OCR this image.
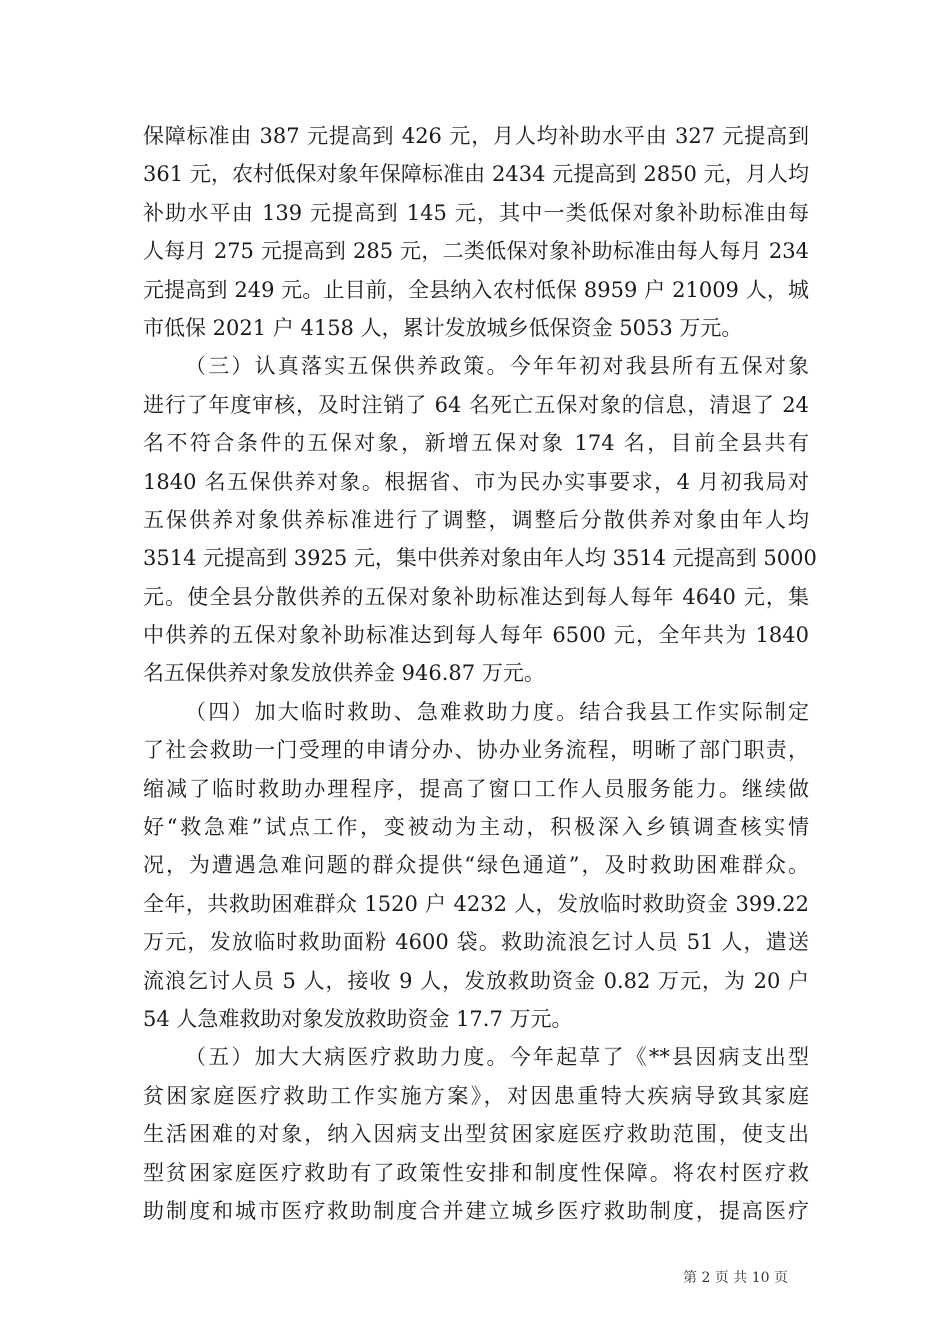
保障标准由 387 元提高到 426 元，月人均补助水平由 327 元提高到
361 元，农村低保对象年保障标准由 2434 元提高到 2850 元，月人均
补助水平由 139 元提高到 145 元，其中一类低保对象补助标准由每
人每月 275 元提高到 285 元，二类低保对象补助标准由每人每月 234
元提高到 249 元。止目前，全县纳入农村低保 8959 户 21009 人，城
市低保 2021 户 4158 人，累计发放城乡低保资金 5053 万元。
（三）认真落实五保供养政策。今年年初对我县所有五保对象
进行了年度审核，及时注销了 64 名死亡五保对象的信息，清退了 24
名不符合条件的五保对象，新增五保对象 174 名，目前全县共有
1840 名五保供养对象。根据省、市为民办实事要求，4 月初我局对
五保供养对象供养标准进行了调整，调整后分散供养对象由年人均
3514 元提高到 3925 元，集中供养对象由年人均 3514 元提高到 5000
元。使全县分散供养的五保对象补助标准达到每人每年 4640 元，集
中供养的五保对象补助标准达到每人每年 6500 元，全年共为 1840
名五保供养对象发放供养金 946.87 万元。
（四）加大临时救助、急难救助力度。结合我县工作实际制定
了社会救助一门受理的申请分办、协办业务流程，明晰了部门职责，
缩减了临时救助办理程序，提高了窗口工作人员服务能力。继续做
好“救急难”试点工作，变被动为主动，积极深入乡镇调查核实情
况，为遭遇急难问题的群众提供“绿色通道”，及时救助困难群众。
全年，共救助困难群众 1520 户 4232 人，发放临时救助资金 399.22
万元，发放临时救助面粉 4600 袋。救助流浪乞讨人员 51 人，遣送
流浪乞讨人员 5 人，接收 9 人，发放救助资金 0.82 万元，为 20 户
54 人急难救助对象发放救助资金 17.7 万元。
（五）加大大病医疗救助力度。今年起草了《**县因病支出型
贫困家庭医疗救助工作实施方案》，对因患重特大疾病导致其家庭
生活困难的对象，纳入因病支出型贫困家庭医疗救助范围，使支出
型贫困家庭医疗救助有了政策性安排和制度性保障。将农村医疗救
助制度和城市医疗救助制度合并建立城乡医疗救助制度，提高医疗
第 2 页 共 10 页
